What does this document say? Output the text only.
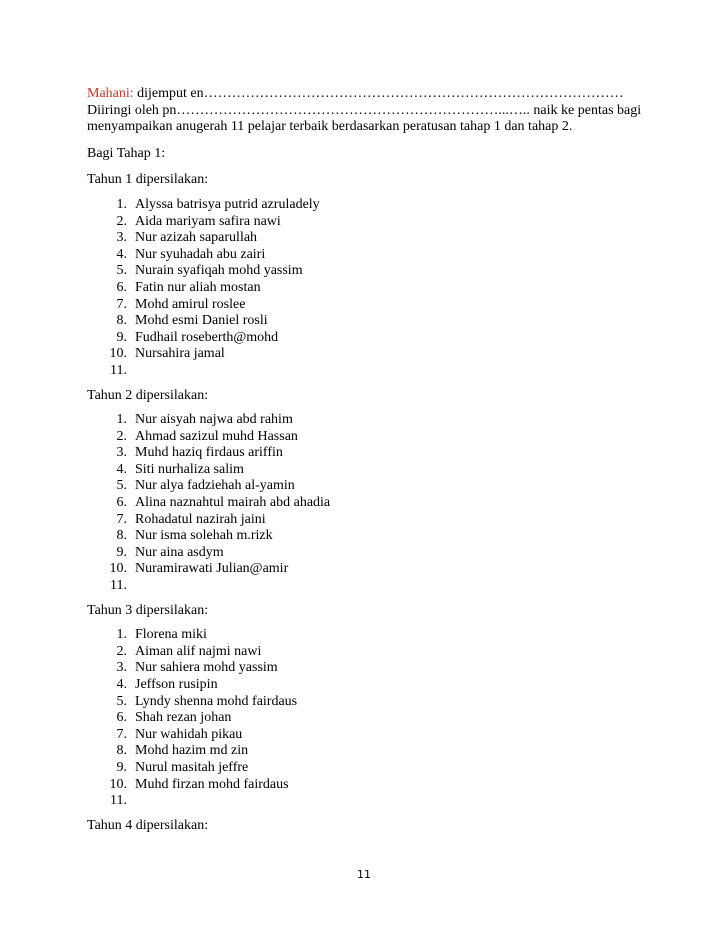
Mahani: dijemput en………………………………………………………………………………
Diiringi oleh pn……………………………………………………………...….. naik ke pentas bagi
menyampaikan anugerah 11 pelajar terbaik berdasarkan peratusan tahap 1 dan tahap 2.

Bagi Tahap 1:

Tahun 1 dipersilakan:

1. Alyssa batrisya putrid azruladely
2. Aida mariyam safira nawi
3. Nur azizah saparullah
4. Nur syuhadah abu zairi
5. Nurain syafiqah mohd yassim
6. Fatin nur aliah mostan
7. Mohd amirul roslee
8. Mohd esmi Daniel rosli
9. Fudhail roseberth@mohd
10. Nursahira jamal
11.

Tahun 2 dipersilakan:

1. Nur aisyah najwa abd rahim
2. Ahmad sazizul muhd Hassan
3. Muhd haziq firdaus ariffin
4. Siti nurhaliza salim
5. Nur alya fadziehah al-yamin
6. Alina naznahtul mairah abd ahadia
7. Rohadatul nazirah jaini
8. Nur isma solehah m.rizk
9. Nur aina asdym
10. Nuramirawati Julian@amir
11.

Tahun 3 dipersilakan:

1. Florena miki
2. Aiman alif najmi nawi
3. Nur sahiera mohd yassim
4. Jeffson rusipin
5. Lyndy shenna mohd fairdaus
6. Shah rezan johan
7. Nur wahidah pikau
8. Mohd hazim md zin
9. Nurul masitah jeffre
10. Muhd firzan mohd fairdaus
11.

Tahun 4 dipersilakan:

11
